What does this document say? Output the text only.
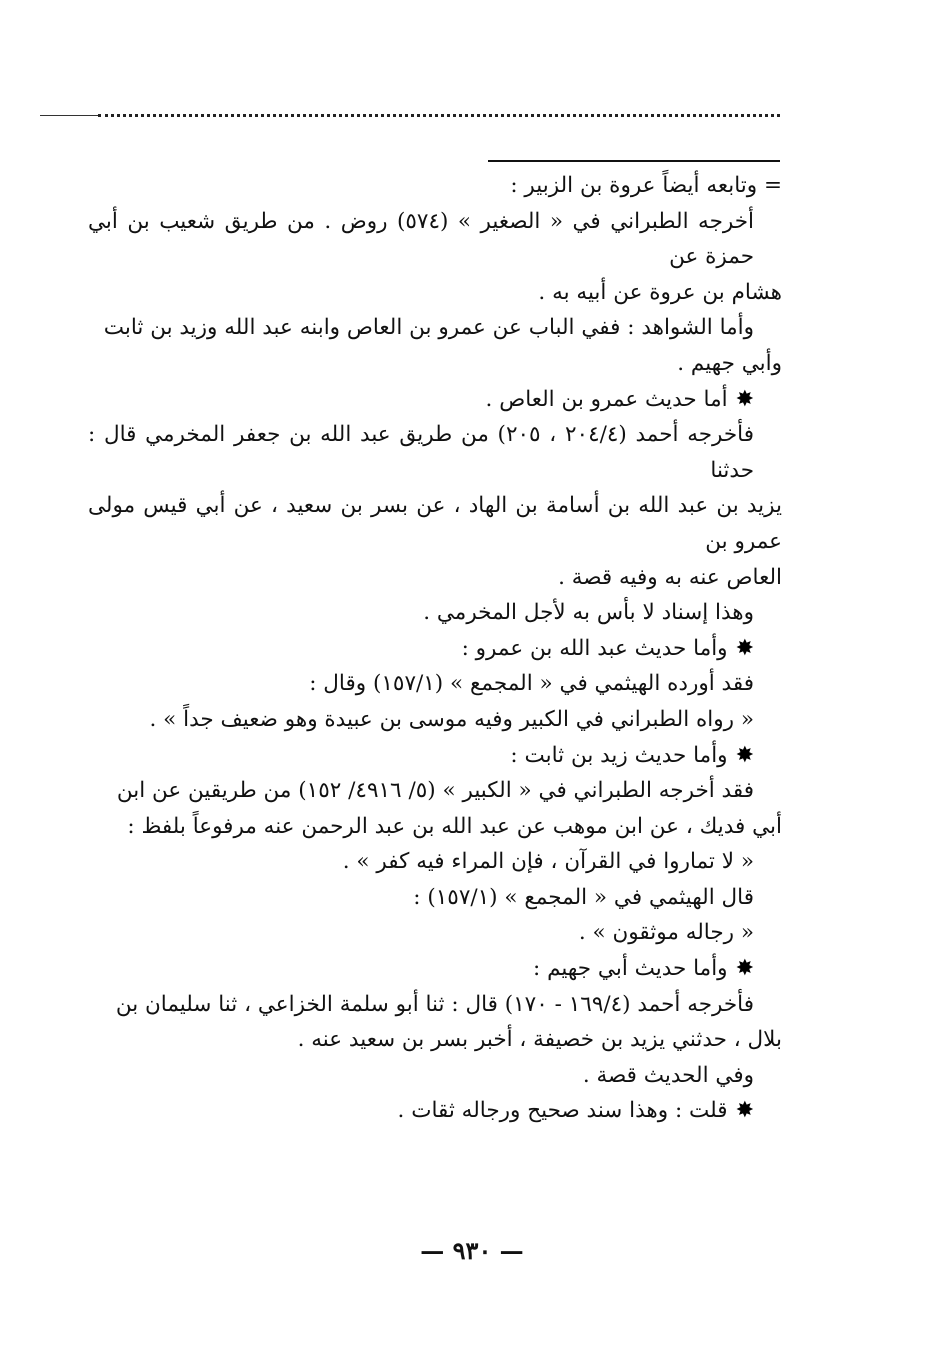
= وتابعه أيضاً عروة بن الزبير :

أخرجه الطبراني في « الصغير » (٥٧٤) روض . من طريق شعيب بن أبي حمزة عن

هشام بن عروة عن أبيه به .

وأما الشواهد : ففي الباب عن عمرو بن العاص وابنه عبد الله وزيد بن ثابت

وأبي جهيم .

✸أما حديث عمرو بن العاص .

فأخرجه أحمد (٢٠٤/٤ ، ٢٠٥) من طريق عبد الله بن جعفر المخرمي قال : حدثنا

يزيد بن عبد الله بن أسامة بن الهاد ، عن بسر بن سعيد ، عن أبي قيس مولى عمرو بن

العاص عنه به وفيه قصة .

وهذا إسناد لا بأس به لأجل المخرمي .

✸وأما حديث عبد الله بن عمرو :

فقد أورده الهيثمي في « المجمع » (١٥٧/١) وقال :

« رواه الطبراني في الكبير وفيه موسى بن عبيدة وهو ضعيف جداً » .

✸وأما حديث زيد بن ثابت :

فقد أخرجه الطبراني في « الكبير » (٥/ ٤٩١٦/ ١٥٢) من طريقين عن ابن

أبي فديك ، عن ابن موهب عن عبد الله بن عبد الرحمن عنه مرفوعاً بلفظ :

« لا تماروا في القرآن ، فإن المراء فيه كفر » .

قال الهيثمي في « المجمع » (١٥٧/١) :

« رجاله موثقون » .

✸وأما حديث أبي جهيم :

فأخرجه أحمد (١٦٩/٤ - ١٧٠) قال : ثنا أبو سلمة الخزاعي ، ثنا سليمان بن

بلال ، حدثني يزيد بن خصيفة ، أخبر بسر بن سعيد عنه .

وفي الحديث قصة .

✸قلت : وهذا سند صحيح ورجاله ثقات .

— ٩٣٠ —
